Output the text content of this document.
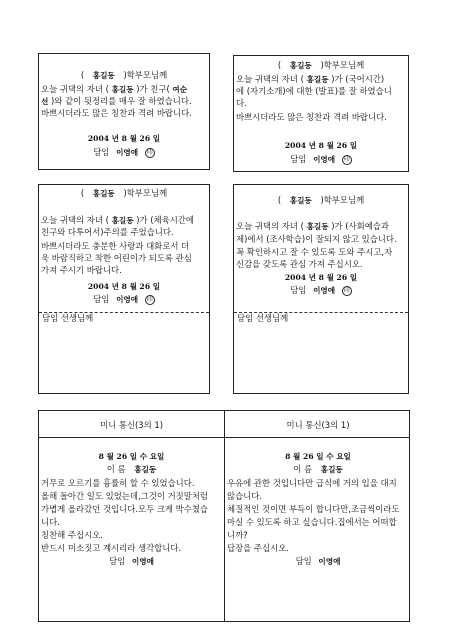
( 홍길동 )학부모님께
오늘 귀댁의 자녀 ( 홍길동 )가 친구( 여순
선 )와 같이 뒷정리를 매우 잘 하였습니다.
바쁘시더라도 많은 칭찬과 격려 바랍니다.
2004 년 8 월 26 일
담임 이영애 印
( 홍길동 )학부모님께
오늘 귀댁의 자녀 ( 홍길동 )가 (국어시간)
에 (자기소개)에 대한 (발표)를 잘 하였습니
다.
바쁘시더라도 많은 칭찬과 격려 바랍니다.
2004 년 8 월 26 일
담임 이영애 印
( 홍길동 )학부모님께
오늘 귀댁의 자녀 ( 홍길동 )가 (체육시간에
친구와 다투어서)주의를 주었습니다.
바쁘시더라도 충분한 사랑과 대화로서 더
욱 바람직하고 착한 어린이가 되도록 관심
가져 주시기 바랍니다.
2004 년 8 월 26 일
담임 이영애 印
담임 선생님께
( 홍길동 )학부모님께
오늘 귀댁의 자녀 ( 홍길동 )가 (사회예습과
제)에서 (조사학습)이 잘되지 않고 있습니다.
꼭 확인하시고 잘 수 있도록 도와 주시고,자
신감을 갖도록 관심 가져 주십시오.
2004 년 8 월 26 일
담임 이영애 印
담임 선생님께
미니 통신(3의 1)
8 월 26 일 수 요일
이 름 홍길동
거무로 오르기를 흉률히 할 수 있었습니다.
올해 돌아간 일도 있었는데,그것이 거짓말처럼
가볍게 올라갔던 것입니다.모두 크게 박수쳤습
니다.
칭찬해 주십시오.
반드시 미소짓고 계시리라 생각합니다.
담임 이영애
미니 통신(3의 1)
8 월 26 일 수 요일
이 름 홍길동
우유에 관한 것입니다만 급식에 거의 입을 대지
않습니다.
체질적인 것이면 부득이 합니다만,조금씩이라도
마실 수 있도록 하고 싶습니다.집에서는 어떠합
니까?
답장을 주십시오.
담임 이영애
